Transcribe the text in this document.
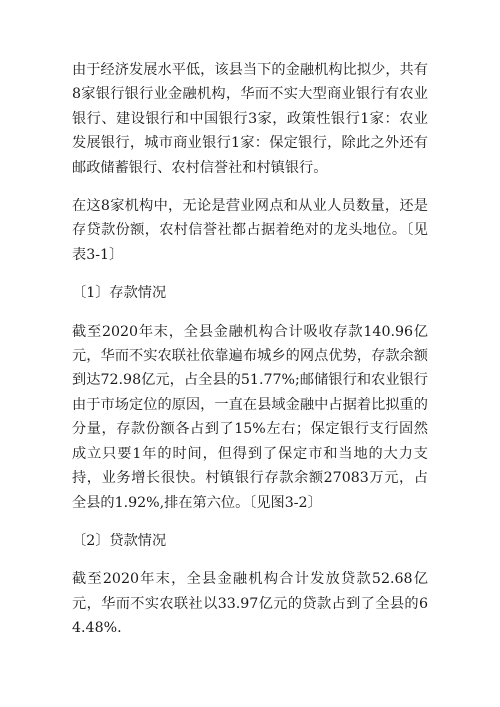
由于经济发展水平低，该县当下的金融机构比拟少，共有8家银行银行业金融机构，华而不实大型商业银行有农业银行、建设银行和中国银行3家，政策性银行1家：农业发展银行，城市商业银行1家：保定银行，除此之外还有邮政储蓄银行、农村信誉社和村镇银行。

在这8家机构中，无论是营业网点和从业人员数量，还是存贷款份额，农村信誉社都占据着绝对的龙头地位。〔见表3-1〕

〔1〕存款情况

截至2020年末，全县金融机构合计吸收存款140.96亿元，华而不实农联社依靠遍布城乡的网点优势，存款余额到达72.98亿元，占全县的51.77%;邮储银行和农业银行由于市场定位的原因，一直在县域金融中占据着比拟重的分量，存款份额各占到了15%左右；保定银行支行固然成立只要1年的时间，但得到了保定市和当地的大力支持，业务增长很快。村镇银行存款余额27083万元，占全县的1.92%,排在第六位。〔见图3-2〕

〔2〕贷款情况

截至2020年末，全县金融机构合计发放贷款52.68亿元，华而不实农联社以33.97亿元的贷款占到了全县的64.48%.
